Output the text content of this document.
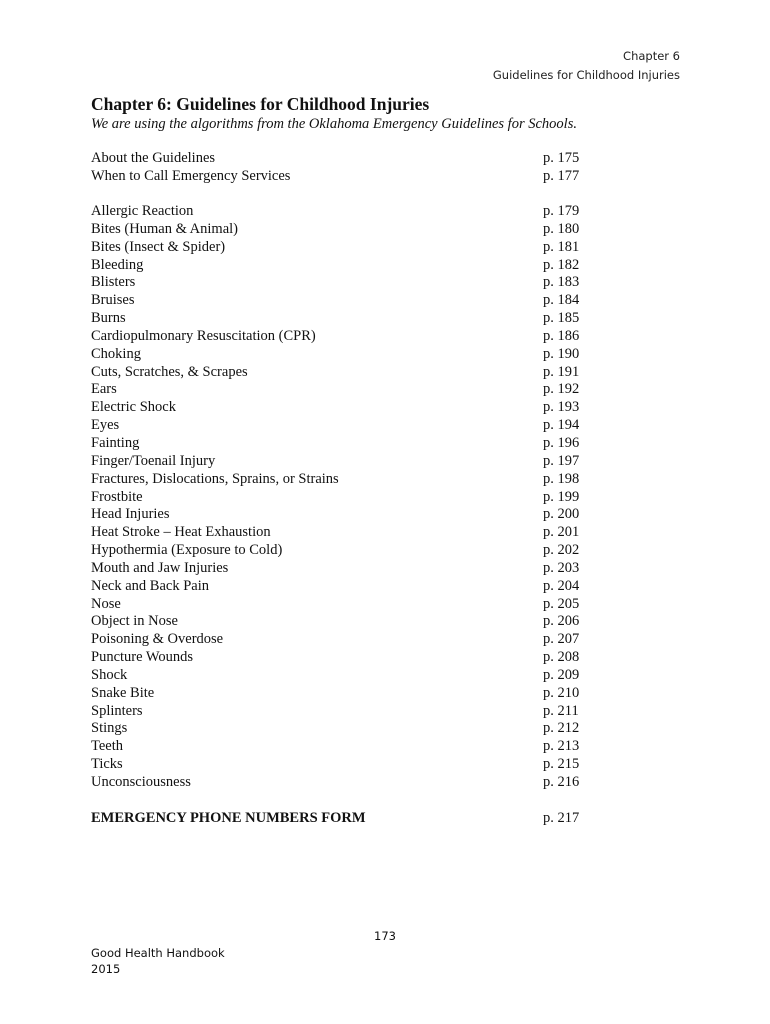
Chapter 6
Guidelines for Childhood Injuries
Chapter 6: Guidelines for Childhood Injuries

We are using the algorithms from the Oklahoma Emergency Guidelines for Schools.

About the Guidelines	p. 175
When to Call Emergency Services	p. 177
Allergic Reaction	p. 179
Bites (Human & Animal)	p. 180
Bites (Insect & Spider)	p. 181
Bleeding	p. 182
Blisters	p. 183
Bruises	p. 184
Burns	p. 185
Cardiopulmonary Resuscitation (CPR)	p. 186
Choking	p. 190
Cuts, Scratches, & Scrapes	p. 191
Ears	p. 192
Electric Shock	p. 193
Eyes	p. 194
Fainting	p. 196
Finger/Toenail Injury	p. 197
Fractures, Dislocations, Sprains, or Strains	p. 198
Frostbite	p. 199
Head Injuries	p. 200
Heat Stroke – Heat Exhaustion	p. 201
Hypothermia (Exposure to Cold)	p. 202
Mouth and Jaw Injuries	p. 203
Neck and Back Pain	p. 204
Nose	p. 205
Object in Nose	p. 206
Poisoning & Overdose	p. 207
Puncture Wounds	p. 208
Shock	p. 209
Snake Bite	p. 210
Splinters	p. 211
Stings	p. 212
Teeth	p. 213
Ticks	p. 215
Unconsciousness	p. 216
EMERGENCY PHONE NUMBERS FORM	p. 217
173
Good Health Handbook
2015
